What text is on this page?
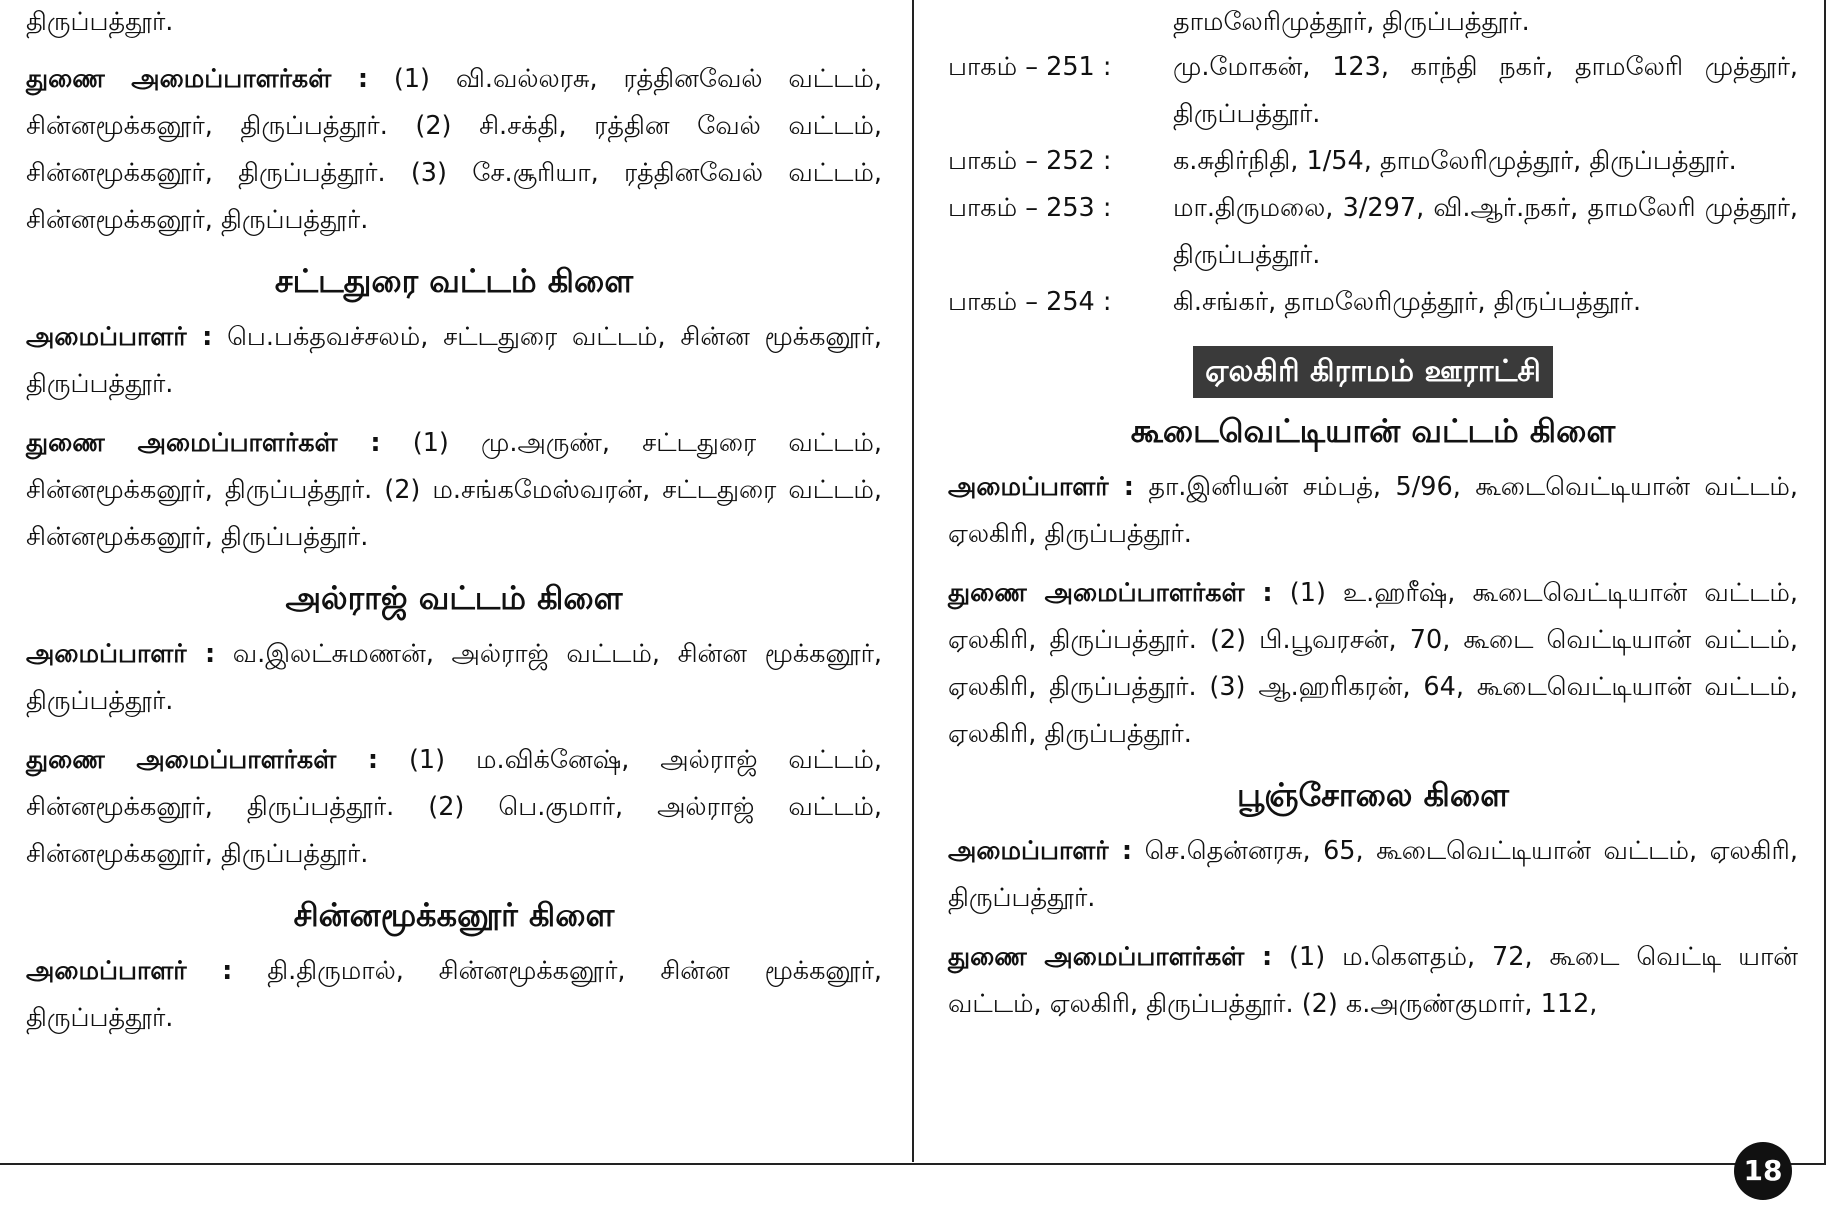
திருப்பத்தூர்.

துணை அமைப்பாளர்கள் : (1) வி.வல்லரசு, ரத்தினவேல் வட்டம், சின்னமூக்கனூர், திருப்பத்தூர். (2) சி.சக்தி, ரத்தின வேல் வட்டம், சின்னமூக்கனூர், திருப்பத்தூர். (3) சே.சூரியா, ரத்தினவேல் வட்டம், சின்னமூக்கனூர், திருப்பத்தூர்.

சட்டதுரை வட்டம் கிளை

அமைப்பாளர் : பெ.பக்தவச்சலம், சட்டதுரை வட்டம், சின்ன மூக்கனூர், திருப்பத்தூர்.

துணை அமைப்பாளர்கள் : (1) மு.அருண், சட்டதுரை வட்டம், சின்னமூக்கனூர், திருப்பத்தூர். (2) ம.சங்கமேஸ்வரன், சட்டதுரை வட்டம், சின்னமூக்கனூர், திருப்பத்தூர்.

அல்ராஜ் வட்டம் கிளை

அமைப்பாளர் : வ.இலட்சுமணன், அல்ராஜ் வட்டம், சின்ன மூக்கனூர், திருப்பத்தூர்.

துணை அமைப்பாளர்கள் : (1) ம.விக்னேஷ், அல்ராஜ் வட்டம், சின்னமூக்கனூர், திருப்பத்தூர். (2) பெ.குமார், அல்ராஜ் வட்டம், சின்னமூக்கனூர், திருப்பத்தூர்.

சின்னமூக்கனூர் கிளை

அமைப்பாளர் : தி.திருமால், சின்னமூக்கனூர், சின்ன மூக்கனூர், திருப்பத்தூர்.

தாமலேரிமுத்தூர், திருப்பத்தூர்.

பாகம் – 251 :	மு.மோகன், 123, காந்தி நகர், தாமலேரி முத்தூர், திருப்பத்தூர்.
பாகம் – 252 :	க.சுதிர்நிதி, 1/54, தாமலேரிமுத்தூர், திருப்பத்தூர்.
பாகம் – 253 :	மா.திருமலை, 3/297, வி.ஆர்.நகர், தாமலேரி முத்தூர், திருப்பத்தூர்.
பாகம் – 254 :	கி.சங்கர், தாமலேரிமுத்தூர், திருப்பத்தூர்.
ஏலகிரி கிராமம் ஊராட்சி
கூடைவெட்டியான் வட்டம் கிளை

அமைப்பாளர் : தா.இனியன் சம்பத், 5/96, கூடைவெட்டியான் வட்டம், ஏலகிரி, திருப்பத்தூர்.

துணை அமைப்பாளர்கள் : (1) உ.ஹரீஷ், கூடைவெட்டியான் வட்டம், ஏலகிரி, திருப்பத்தூர். (2) பி.பூவரசன், 70, கூடை வெட்டியான் வட்டம், ஏலகிரி, திருப்பத்தூர். (3) ஆ.ஹரிகரன், 64, கூடைவெட்டியான் வட்டம், ஏலகிரி, திருப்பத்தூர்.

பூஞ்சோலை கிளை

அமைப்பாளர் : செ.தென்னரசு, 65, கூடைவெட்டியான் வட்டம், ஏலகிரி, திருப்பத்தூர்.

துணை அமைப்பாளர்கள் : (1) ம.கௌதம், 72, கூடை வெட்டி யான் வட்டம், ஏலகிரி, திருப்பத்தூர். (2) க.அருண்குமார், 112,

18
